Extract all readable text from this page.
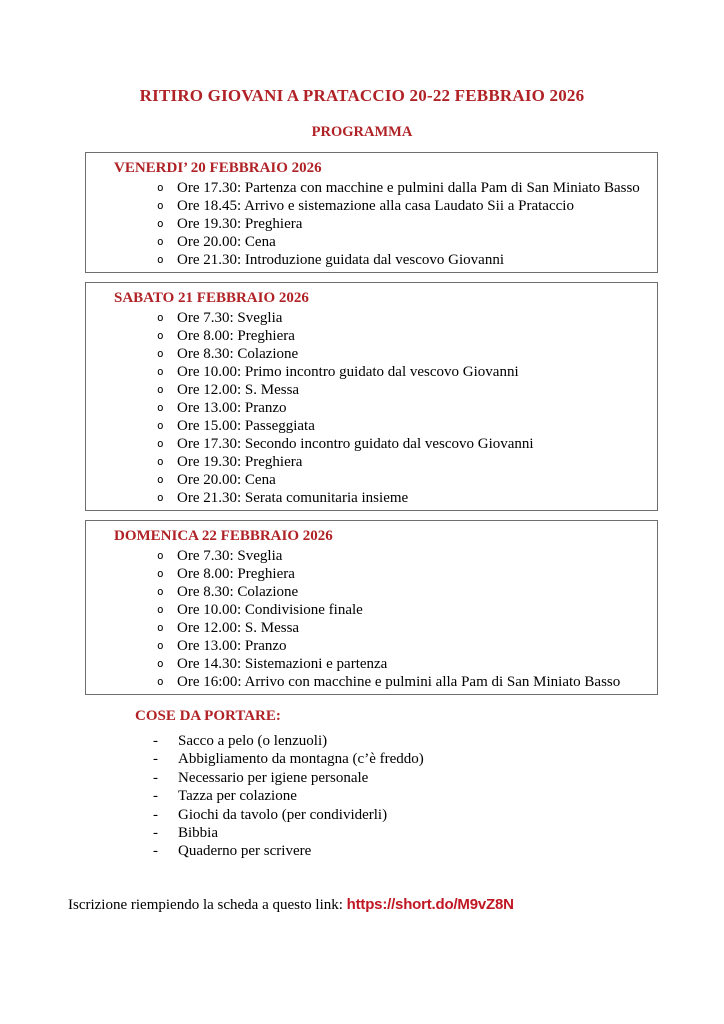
RITIRO GIOVANI A PRATACCIO 20-22 FEBBRAIO 2026
PROGRAMMA
VENERDI’ 20 FEBBRAIO 2026
o Ore 17.30: Partenza con macchine e pulmini dalla Pam di San Miniato Basso
o Ore 18.45: Arrivo e sistemazione alla casa Laudato Sii a Prataccio
o Ore 19.30: Preghiera
o Ore 20.00: Cena
o Ore 21.30: Introduzione guidata dal vescovo Giovanni
SABATO 21 FEBBRAIO 2026
o Ore 7.30: Sveglia
o Ore 8.00: Preghiera
o Ore 8.30: Colazione
o Ore 10.00: Primo incontro guidato dal vescovo Giovanni
o Ore 12.00: S. Messa
o Ore 13.00: Pranzo
o Ore 15.00: Passeggiata
o Ore 17.30: Secondo incontro guidato dal vescovo Giovanni
o Ore 19.30: Preghiera
o Ore 20.00: Cena
o Ore 21.30: Serata comunitaria insieme
DOMENICA 22 FEBBRAIO 2026
o Ore 7.30: Sveglia
o Ore 8.00: Preghiera
o Ore 8.30: Colazione
o Ore 10.00: Condivisione finale
o Ore 12.00: S. Messa
o Ore 13.00: Pranzo
o Ore 14.30: Sistemazioni e partenza
o Ore 16:00: Arrivo con macchine e pulmini alla Pam di San Miniato Basso
COSE DA PORTARE:
- Sacco a pelo (o lenzuoli)
- Abbigliamento da montagna (c’è freddo)
- Necessario per igiene personale
- Tazza per colazione
- Giochi da tavolo (per condividerli)
- Bibbia
- Quaderno per scrivere

Iscrizione riempiendo la scheda a questo link: https://short.do/M9vZ8N
